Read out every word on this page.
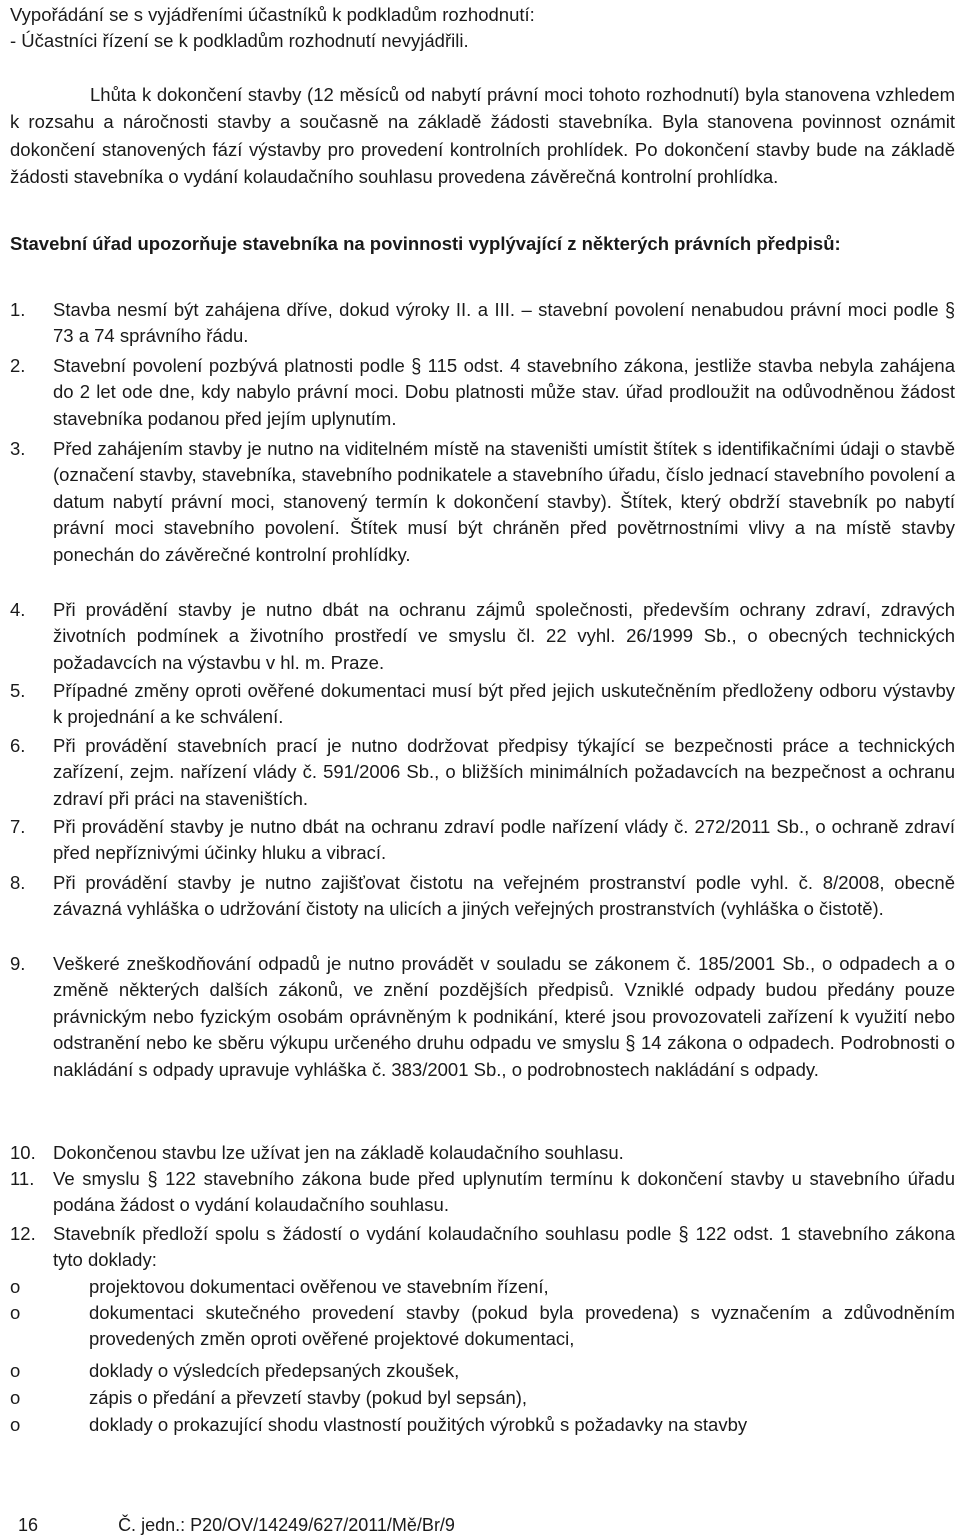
Vypořádání se s vyjádřeními účastníků k podkladům rozhodnutí:

- Účastníci řízení se k podkladům rozhodnutí nevyjádřili.

Lhůta k dokončení stavby (12 měsíců od nabytí právní moci tohoto rozhodnutí) byla stanovena vzhledem k rozsahu a náročnosti stavby a současně na základě žádosti stavebníka. Byla stanovena povinnost oznámit dokončení stanovených fází výstavby pro provedení kontrolních prohlídek. Po dokončení stavby bude na základě žádosti stavebníka o vydání kolaudačního souhlasu provedena závěrečná kontrolní prohlídka.

Stavební úřad upozorňuje stavebníka na povinnosti vyplývající z některých právních předpisů:
1.	Stavba nesmí být zahájena dříve, dokud výroky II. a III. – stavební povolení nenabudou právní moci podle § 73 a 74 správního řádu.
2.	Stavební povolení pozbývá platnosti podle § 115 odst. 4 stavebního zákona, jestliže stavba nebyla zahájena do 2 let ode dne, kdy nabylo právní moci. Dobu platnosti může stav. úřad prodloužit na odůvodněnou žádost stavebníka podanou před jejím uplynutím.
3.	Před zahájením stavby je nutno na viditelném místě na staveništi umístit štítek s identifikačními údaji o stavbě (označení stavby, stavebníka, stavebního podnikatele a stavebního úřadu, číslo jednací stavebního povolení a datum nabytí právní moci, stanovený termín k dokončení stavby). Štítek, který obdrží stavebník po nabytí právní moci stavebního povolení. Štítek musí být chráněn před povětrnostními vlivy a na místě stavby ponechán do závěrečné kontrolní prohlídky.
4.	Při provádění stavby je nutno dbát na ochranu zájmů společnosti, především ochrany zdraví, zdravých životních podmínek a životního prostředí ve smyslu čl. 22 vyhl. 26/1999 Sb., o obecných technických požadavcích na výstavbu v hl. m. Praze.
5.	Případné změny oproti ověřené dokumentaci musí být před jejich uskutečněním předloženy odboru výstavby k projednání a ke schválení.
6.	Při provádění stavebních prací je nutno dodržovat předpisy týkající se bezpečnosti práce a technických zařízení, zejm. nařízení vlády č. 591/2006 Sb., o bližších minimálních požadavcích na bezpečnost a ochranu zdraví při práci na staveništích.
7.	Při provádění stavby je nutno dbát na ochranu zdraví podle nařízení vlády č. 272/2011 Sb., o ochraně zdraví před nepříznivými účinky hluku a vibrací.
8.	Při provádění stavby je nutno zajišťovat čistotu na veřejném prostranství podle vyhl. č. 8/2008, obecně závazná vyhláška o udržování čistoty na ulicích a jiných veřejných prostranstvích (vyhláška o čistotě).
9.	Veškeré zneškodňování odpadů je nutno provádět v souladu se zákonem č. 185/2001 Sb., o odpadech a o změně některých dalších zákonů, ve znění pozdějších předpisů. Vzniklé odpady budou předány pouze právnickým nebo fyzickým osobám oprávněným k podnikání, které jsou provozovateli zařízení k využití nebo odstranění nebo ke sběru výkupu určeného druhu odpadu ve smyslu § 14 zákona o odpadech. Podrobnosti o nakládání s odpady upravuje vyhláška č. 383/2001 Sb., o podrobnostech nakládání s odpady.
10. Dokončenou stavbu lze užívat jen na základě kolaudačního souhlasu.
11.	Ve smyslu § 122 stavebního zákona bude před uplynutím termínu k dokončení stavby u stavebního úřadu podána žádost o vydání kolaudačního souhlasu.
12. Stavebník předloží spolu s žádostí o vydání kolaudačního souhlasu podle § 122 odst. 1 stavebního zákona tyto doklady:
o	projektovou dokumentaci ověřenou ve stavebním řízení,
o	dokumentaci skutečného provedení stavby (pokud byla provedena) s vyznačením a zdůvodněním provedených změn oproti ověřené projektové dokumentaci,
o	doklady o výsledcích předepsaných zkoušek,
o	zápis o předání a převzetí stavby (pokud byl sepsán),
o	doklady o prokazující shodu vlastností použitých výrobků s požadavky na stavby
16	Č. jedn.: P20/OV/14249/627/2011/Mě/Br/9
